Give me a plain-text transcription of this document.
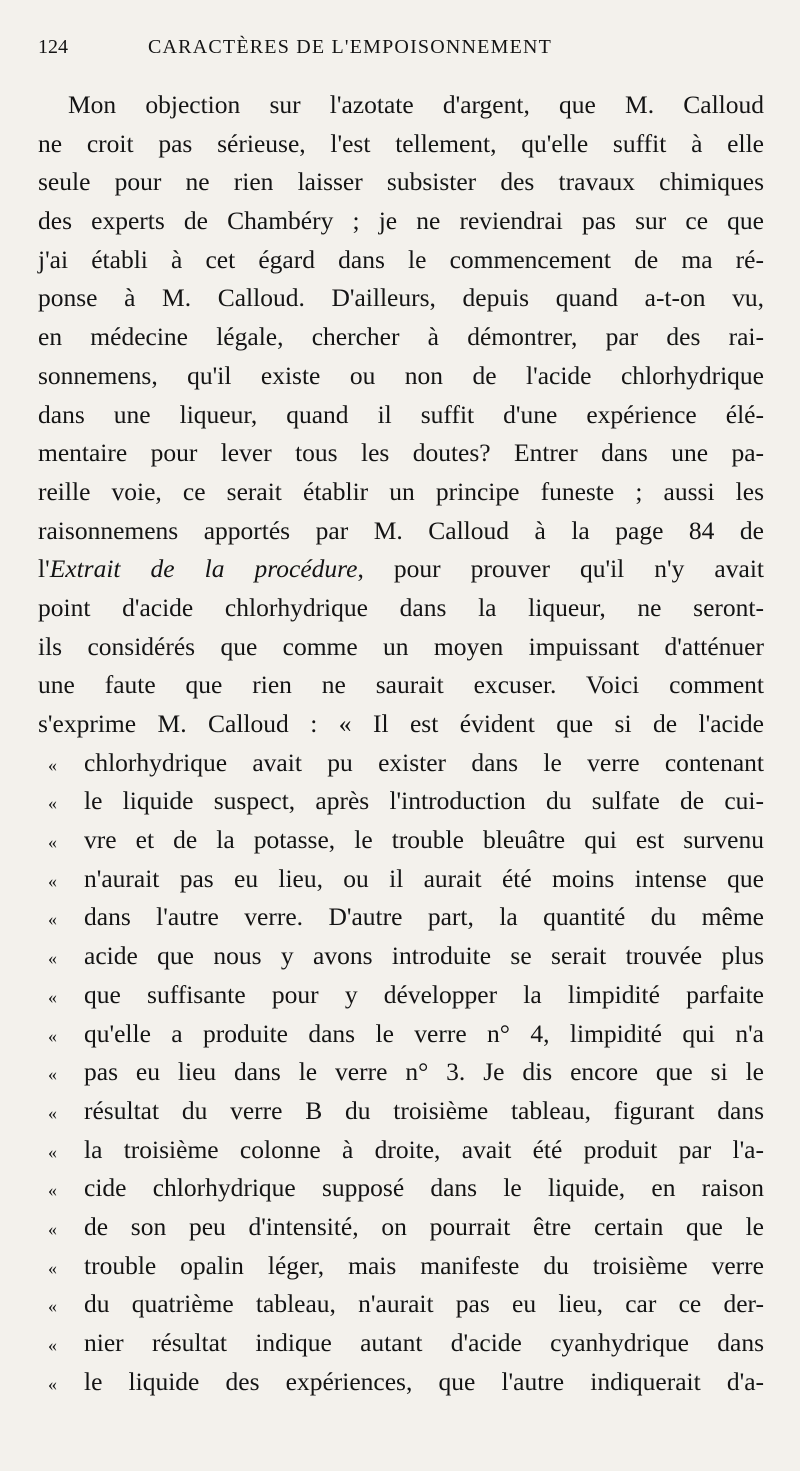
124	CARACTÈRES DE L'EMPOISONNEMENT
Mon objection sur l'azotate d'argent, que M. Calloud
ne croit pas sérieuse, l'est tellement, qu'elle suffit à elle
seule pour ne rien laisser subsister des travaux chimiques
des experts de Chambéry ; je ne reviendrai pas sur ce que
j'ai établi à cet égard dans le commencement de ma ré-
ponse à M. Calloud. D'ailleurs, depuis quand a-t-on vu,
en médecine légale, chercher à démontrer, par des rai-
sonnemens, qu'il existe ou non de l'acide chlorhydrique
dans une liqueur, quand il suffit d'une expérience élé-
mentaire pour lever tous les doutes? Entrer dans une pa-
reille voie, ce serait établir un principe funeste ; aussi les
raisonnemens apportés par M. Calloud à la page 84 de
l'Extrait de la procédure, pour prouver qu'il n'y avait
point d'acide chlorhydrique dans la liqueur, ne seront-
ils considérés que comme un moyen impuissant d'atténuer
une faute que rien ne saurait excuser. Voici comment
s'exprime M. Calloud : « Il est évident que si de l'acide
« chlorhydrique avait pu exister dans le verre contenant
« le liquide suspect, après l'introduction du sulfate de cui-
« vre et de la potasse, le trouble bleuâtre qui est survenu
« n'aurait pas eu lieu, ou il aurait été moins intense que
« dans l'autre verre. D'autre part, la quantité du même
« acide que nous y avons introduite se serait trouvée plus
« que suffisante pour y développer la limpidité parfaite
« qu'elle a produite dans le verre n° 4, limpidité qui n'a
« pas eu lieu dans le verre n° 3. Je dis encore que si le
« résultat du verre B du troisième tableau, figurant dans
« la troisième colonne à droite, avait été produit par l'a-
« cide chlorhydrique supposé dans le liquide, en raison
« de son peu d'intensité, on pourrait être certain que le
« trouble opalin léger, mais manifeste du troisième verre
« du quatrième tableau, n'aurait pas eu lieu, car ce der-
« nier résultat indique autant d'acide cyanhydrique dans
« le liquide des expériences, que l'autre indiquerait d'a-
